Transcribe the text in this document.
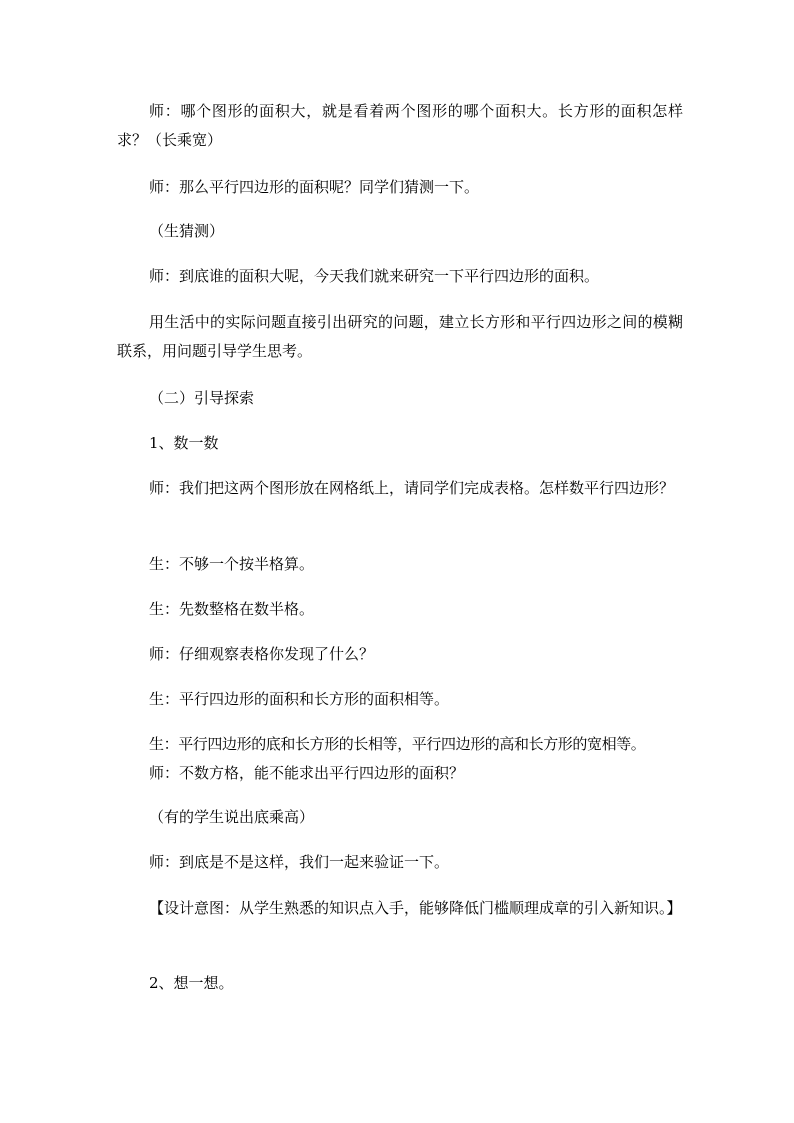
师：哪个图形的面积大，就是看着两个图形的哪个面积大。长方形的面积怎样求？（长乘宽）

师：那么平行四边形的面积呢？同学们猜测一下。

（生猜测）

师：到底谁的面积大呢，今天我们就来研究一下平行四边形的面积。

用生活中的实际问题直接引出研究的问题，建立长方形和平行四边形之间的模糊联系，用问题引导学生思考。

（二）引导探索

1、数一数

师：我们把这两个图形放在网格纸上，请同学们完成表格。怎样数平行四边形？

生：不够一个按半格算。

生：先数整格在数半格。

师：仔细观察表格你发现了什么？

生：平行四边形的面积和长方形的面积相等。

生：平行四边形的底和长方形的长相等，平行四边形的高和长方形的宽相等。

师：不数方格，能不能求出平行四边形的面积？

（有的学生说出底乘高）

师：到底是不是这样，我们一起来验证一下。

【设计意图：从学生熟悉的知识点入手，能够降低门槛顺理成章的引入新知识。】

2、想一想。
